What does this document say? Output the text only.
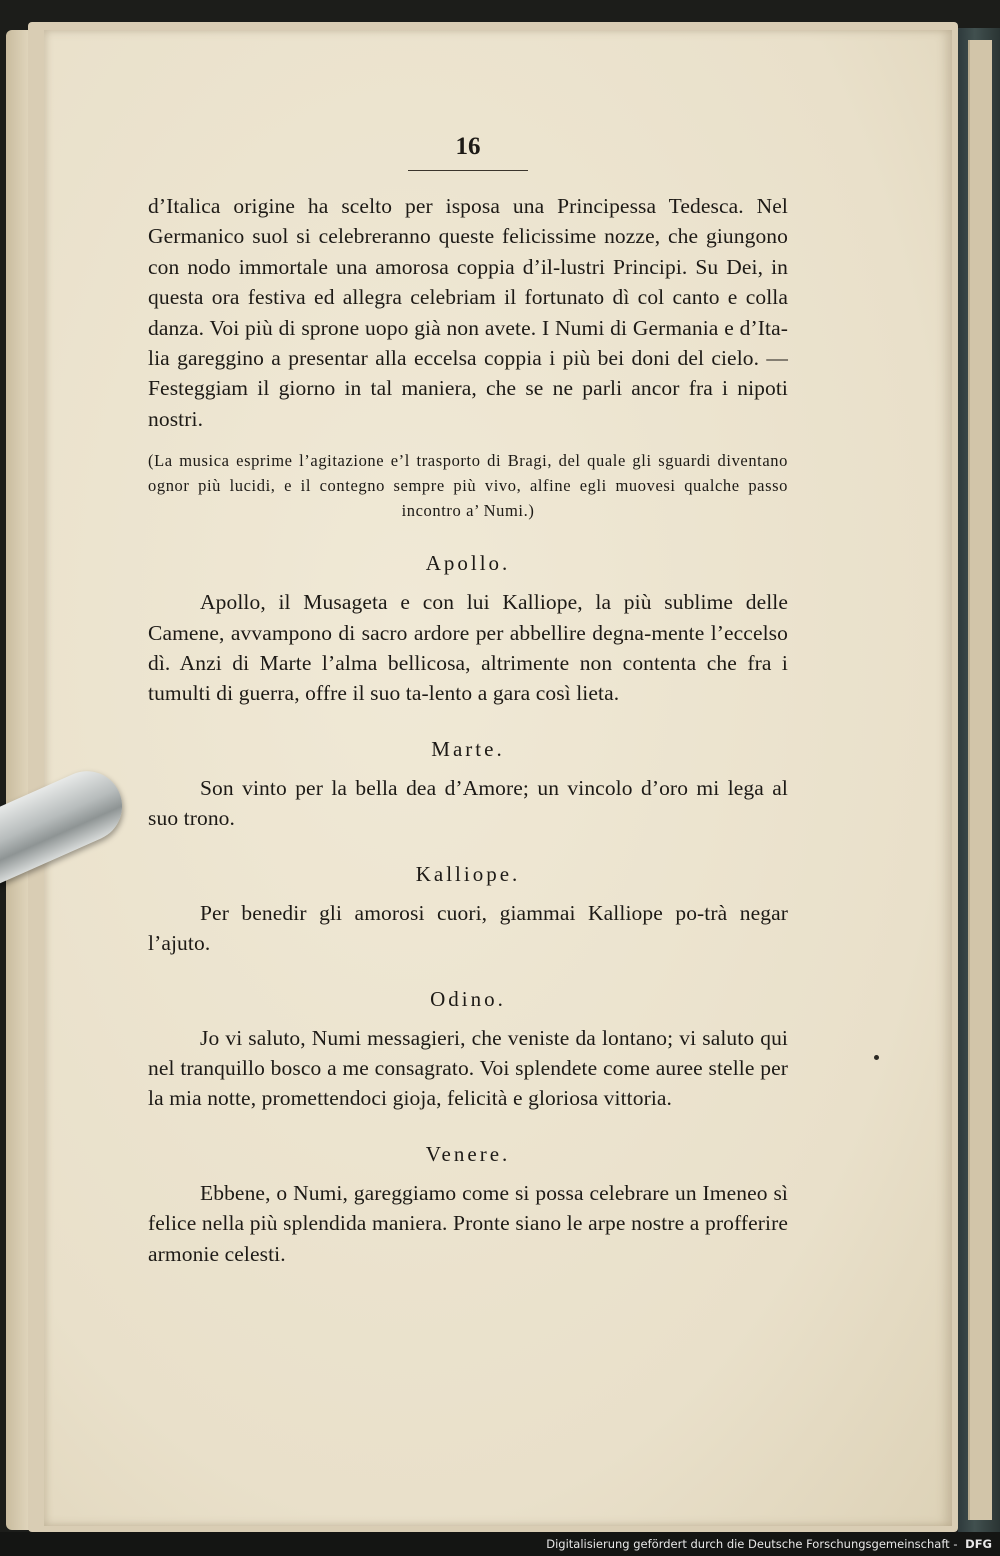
16

d’Italica origine ha scelto per isposa una Principessa Tedesca. Nel Germanico suol si celebreranno queste felicissime nozze, che giungono con nodo immortale una amorosa coppia d’il-lustri Principi. Su Dei, in questa ora festiva ed allegra celebriam il fortunato dì col canto e colla danza. Voi più di sprone uopo già non avete. I Numi di Germania e d’Ita-lia gareggino a presentar alla eccelsa coppia i più bei doni del cielo. — Festeggiam il giorno in tal maniera, che se ne parli ancor fra i nipoti nostri.

(La musica esprime l’agitazione e’l trasporto di Bragi, del quale gli sguardi diventano ognor più lucidi, e il contegno sempre più vivo, alfine egli muovesi qualche passo incontro a’ Numi.)

Apollo.

Apollo, il Musageta e con lui Kalliope, la più sublime delle Camene, avvampono di sacro ardore per abbellire degna-mente l’eccelso dì. Anzi di Marte l’alma bellicosa, altrimente non contenta che fra i tumulti di guerra, offre il suo ta-lento a gara così lieta.

Marte.

Son vinto per la bella dea d’Amore; un vincolo d’oro mi lega al suo trono.

Kalliope.

Per benedir gli amorosi cuori, giammai Kalliope po-trà negar l’ajuto.

Odino.

Jo vi saluto, Numi messagieri, che veniste da lontano; vi saluto qui nel tranquillo bosco a me consagrato. Voi splendete come auree stelle per la mia notte, promettendoci gioja, felicità e gloriosa vittoria.

Venere.

Ebbene, o Numi, gareggiamo come si possa celebrare un Imeneo sì felice nella più splendida maniera. Pronte siano le arpe nostre a profferire armonie celesti.

Digitalisierung gefördert durch die Deutsche Forschungsgemeinschaft - DFG
